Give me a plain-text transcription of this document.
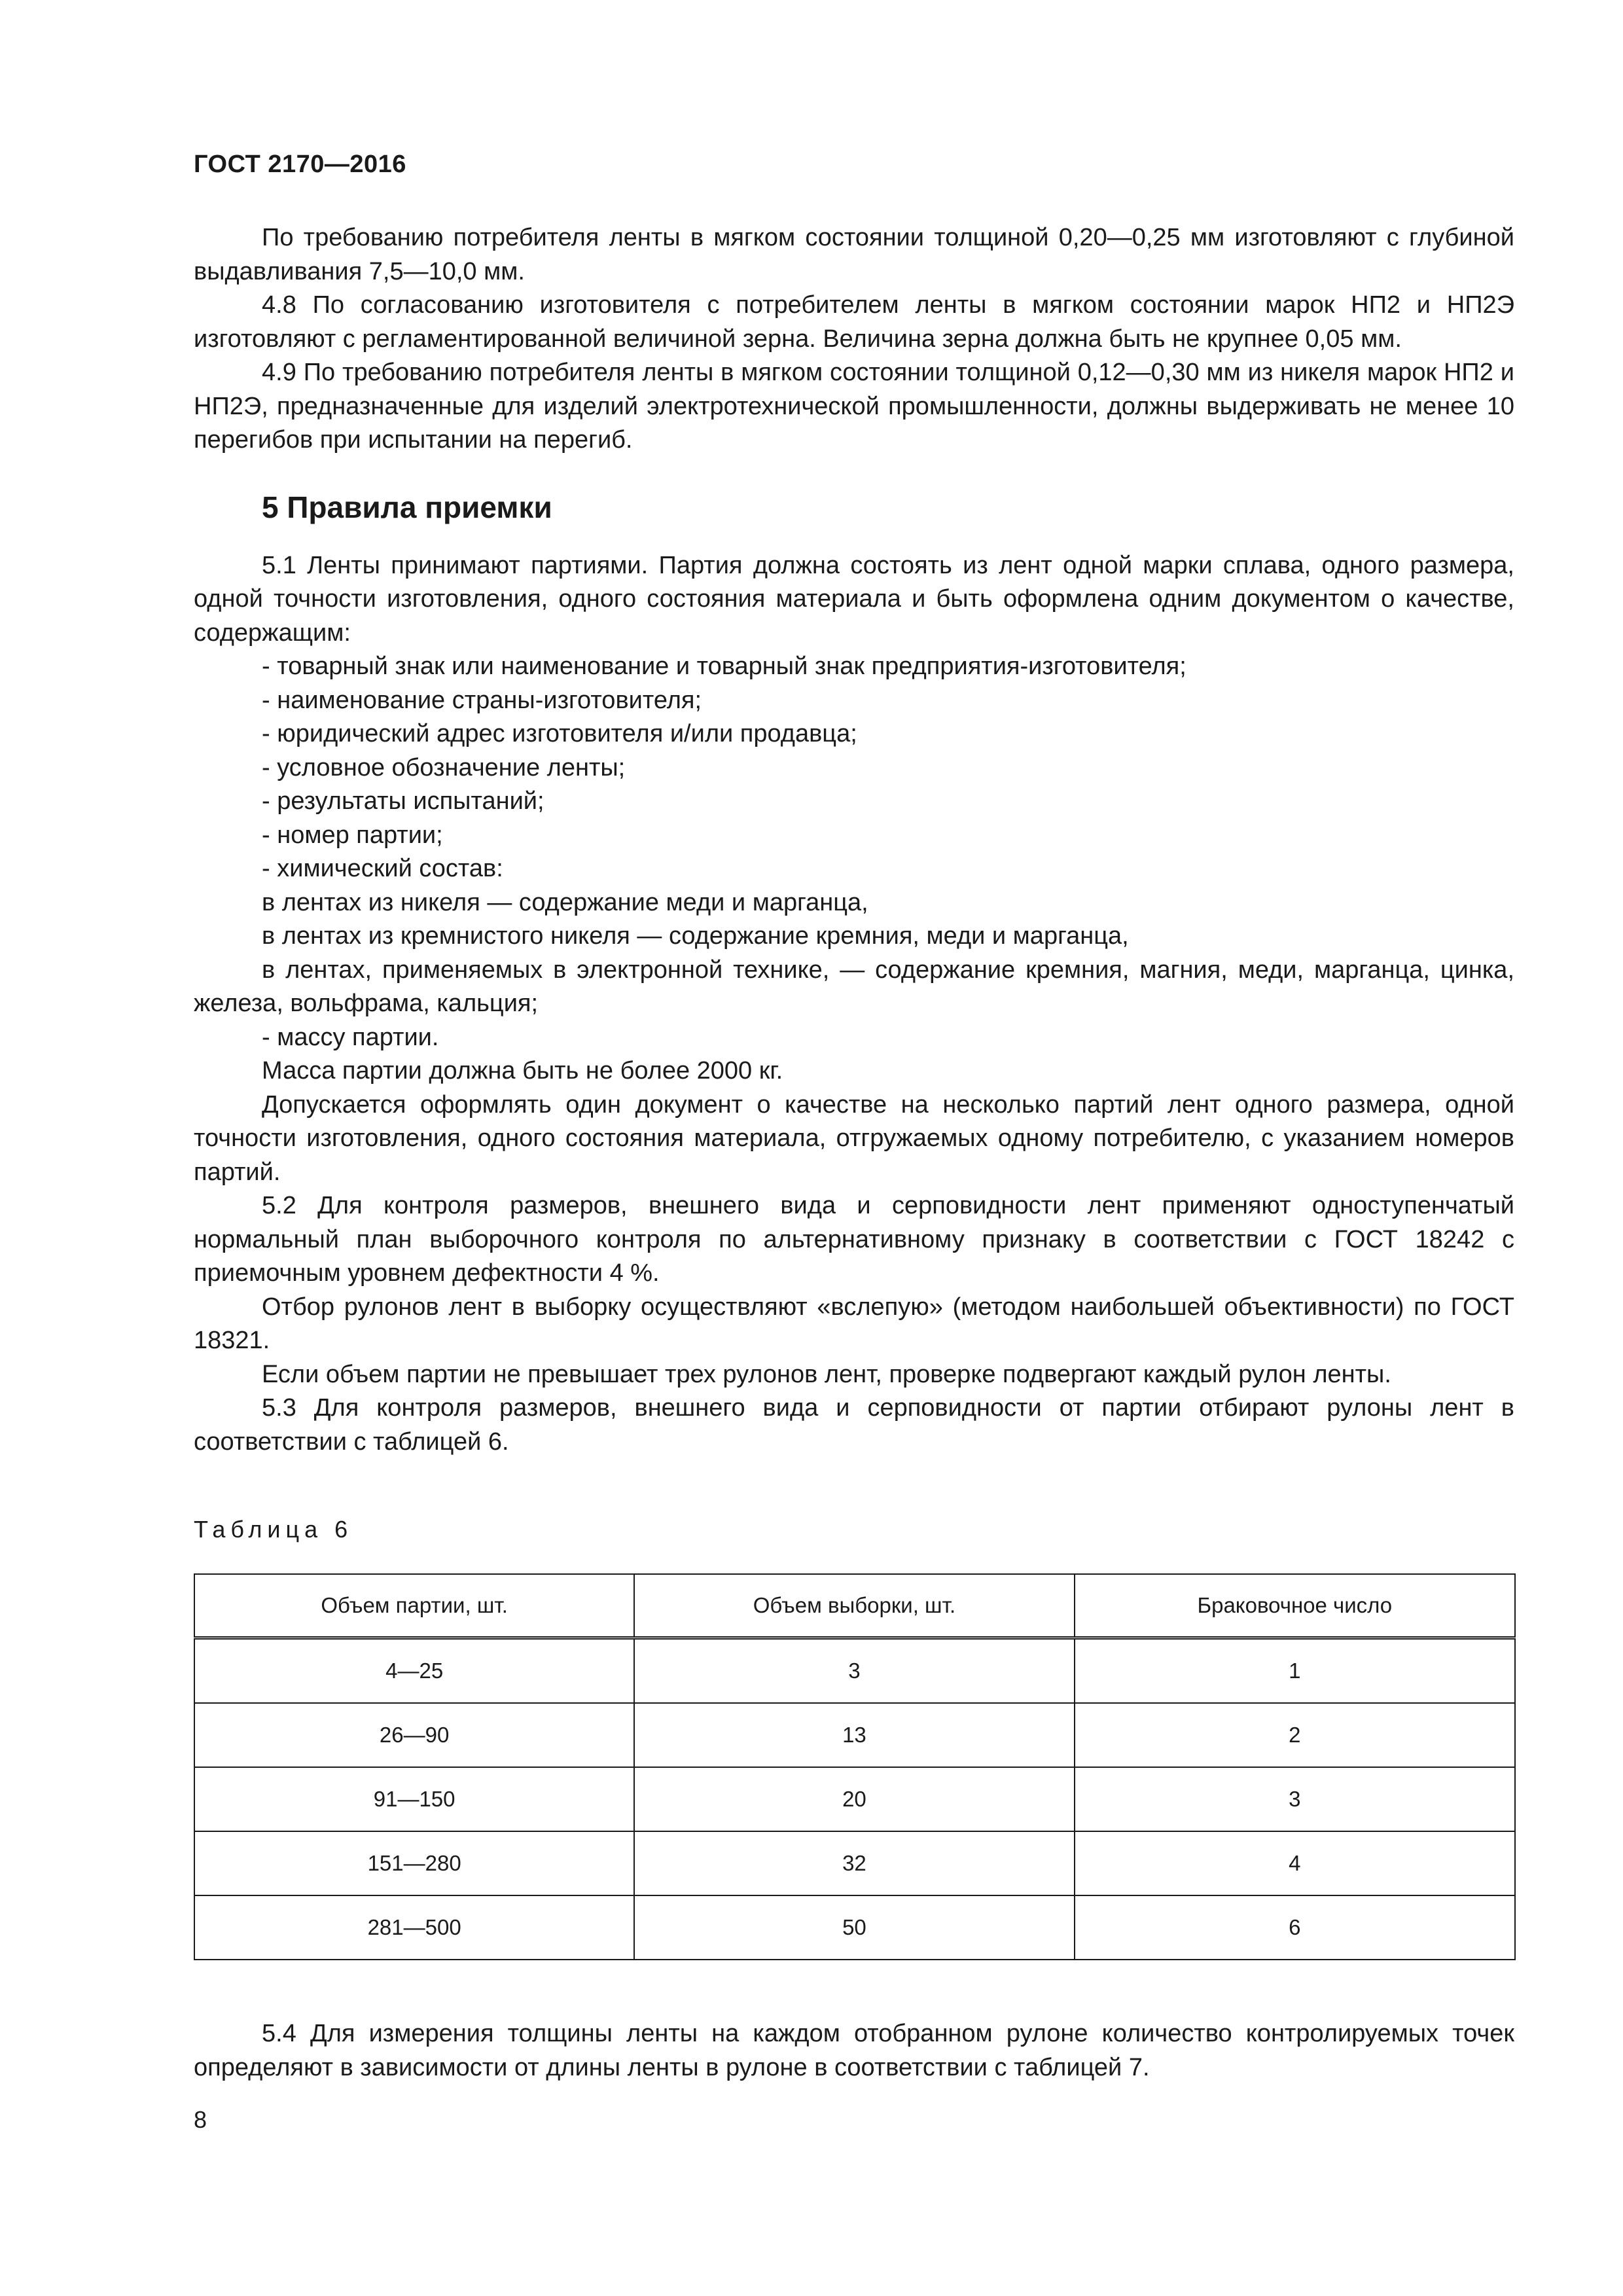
ГОСТ 2170—2016

По требованию потребителя ленты в мягком состоянии толщиной 0,20—0,25 мм изготовляют с глубиной выдавливания 7,5—10,0 мм.

4.8 По согласованию изготовителя с потребителем ленты в мягком состоянии марок НП2 и НП2Э изготовляют с регламентированной величиной зерна. Величина зерна должна быть не крупнее 0,05 мм.

4.9 По требованию потребителя ленты в мягком состоянии толщиной 0,12—0,30 мм из никеля марок НП2 и НП2Э, предназначенные для изделий электротехнической промышленности, должны выдерживать не менее 10 перегибов при испытании на перегиб.

5 Правила приемки

5.1 Ленты принимают партиями. Партия должна состоять из лент одной марки сплава, одного размера, одной точности изготовления, одного состояния материала и быть оформлена одним документом о качестве, содержащим:

- товарный знак или наименование и товарный знак предприятия-изготовителя;

- наименование страны-изготовителя;

- юридический адрес изготовителя и/или продавца;

- условное обозначение ленты;

- результаты испытаний;

- номер партии;

- химический состав:

в лентах из никеля — содержание меди и марганца,

в лентах из кремнистого никеля — содержание кремния, меди и марганца,

в лентах, применяемых в электронной технике, — содержание кремния, магния, меди, марганца, цинка, железа, вольфрама, кальция;

- массу партии.

Масса партии должна быть не более 2000 кг.

Допускается оформлять один документ о качестве на несколько партий лент одного размера, одной точности изготовления, одного состояния материала, отгружаемых одному потребителю, с указанием номеров партий.

5.2 Для контроля размеров, внешнего вида и серповидности лент применяют одноступенчатый нормальный план выборочного контроля по альтернативному признаку в соответствии с ГОСТ 18242 с приемочным уровнем дефектности 4 %.

Отбор рулонов лент в выборку осуществляют «вслепую» (методом наибольшей объективности) по ГОСТ 18321.

Если объем партии не превышает трех рулонов лент, проверке подвергают каждый рулон ленты.

5.3 Для контроля размеров, внешнего вида и серповидности от партии отбирают рулоны лент в соответствии с таблицей 6.

Таблица 6
Объем партии, шт.	Объем выборки, шт.	Браковочное число
4—25	3	1
26—90	13	2
91—150	20	3
151—280	32	4
281—500	50	6

5.4 Для измерения толщины ленты на каждом отобранном рулоне количество контролируемых точек определяют в зависимости от длины ленты в рулоне в соответствии с таблицей 7.

8
